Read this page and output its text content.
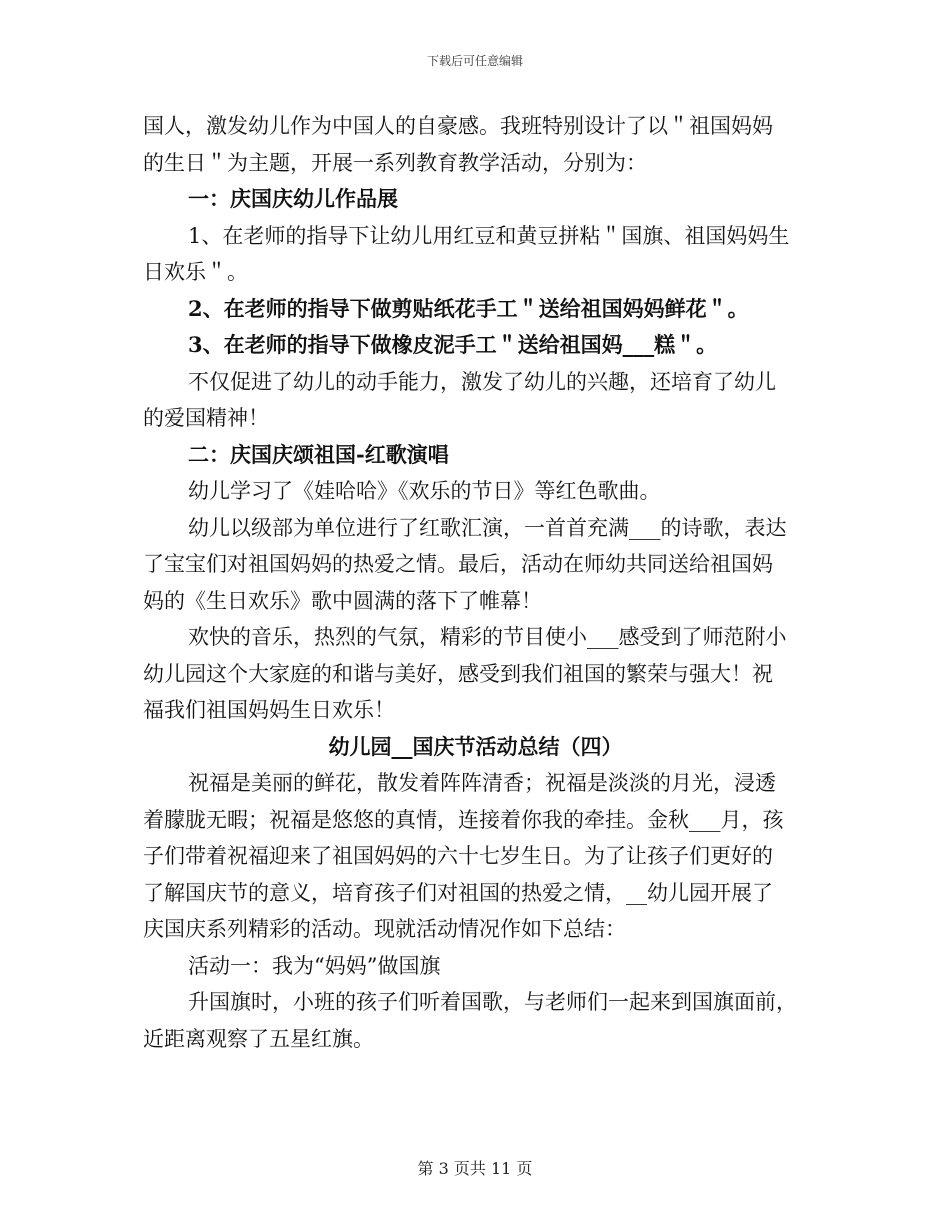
下载后可任意编辑
国人，激发幼儿作为中国人的自豪感。我班特别设计了以＂祖国妈妈
的生日＂为主题，开展一系列教育教学活动，分别为：
一：庆国庆幼儿作品展
1、在老师的指导下让幼儿用红豆和黄豆拼粘＂国旗、祖国妈妈生
日欢乐＂。
2、在老师的指导下做剪贴纸花手工＂送给祖国妈妈鲜花＂。
3、在老师的指导下做橡皮泥手工＂送给祖国妈___糕＂。
不仅促进了幼儿的动手能力，激发了幼儿的兴趣，还培育了幼儿
的爱国精神！
二：庆国庆颂祖国-红歌演唱
幼儿学习了《娃哈哈》《欢乐的节日》等红色歌曲。
幼儿以级部为单位进行了红歌汇演，一首首充满___的诗歌，表达
了宝宝们对祖国妈妈的热爱之情。最后，活动在师幼共同送给祖国妈
妈的《生日欢乐》歌中圆满的落下了帷幕！
欢快的音乐，热烈的气氛，精彩的节目使小___感受到了师范附小
幼儿园这个大家庭的和谐与美好，感受到我们祖国的繁荣与强大！祝
福我们祖国妈妈生日欢乐！
幼儿园__国庆节活动总结（四）
祝福是美丽的鲜花，散发着阵阵清香；祝福是淡淡的月光，浸透
着朦胧无暇；祝福是悠悠的真情，连接着你我的牵挂。金秋___月，孩
子们带着祝福迎来了祖国妈妈的六十七岁生日。为了让孩子们更好的
了解国庆节的意义，培育孩子们对祖国的热爱之情，__幼儿园开展了
庆国庆系列精彩的活动。现就活动情况作如下总结：
活动一：我为“妈妈”做国旗
升国旗时，小班的孩子们听着国歌，与老师们一起来到国旗面前，
近距离观察了五星红旗。
第 3 页共 11 页
